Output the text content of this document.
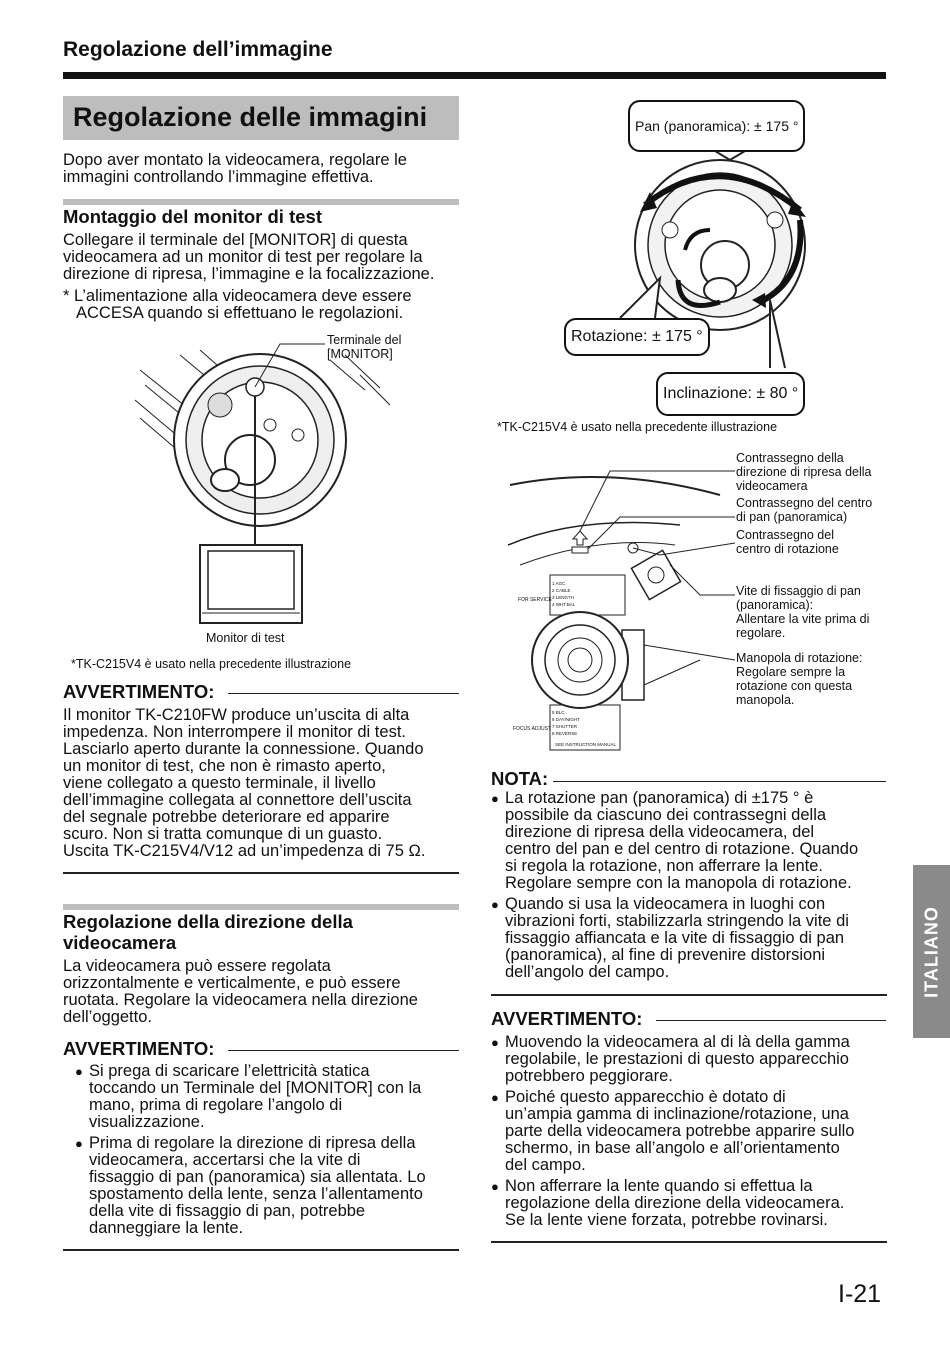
Regolazione dell’immagine
Regolazione delle immagini
Dopo aver montato la videocamera, regolare le
immagini controllando l’immagine effettiva.
Montaggio del monitor di test
Collegare il terminale del [MONITOR] di questa
videocamera ad un monitor di test per regolare la
direzione di ripresa, l’immagine e la focalizzazione.
* L’alimentazione alla videocamera deve essere
ACCESA quando si effettuano le regolazioni.
Terminale del
[MONITOR]
Monitor di test
*TK-C215V4 è usato nella precedente illustrazione
AVVERTIMENTO:
Il monitor TK-C210FW produce un’uscita di alta
impedenza. Non interrompere il monitor di test.
Lasciarlo aperto durante la connessione. Quando
un monitor di test, che non è rimasto aperto,
viene collegato a questo terminale, il livello
dell’immagine collegata al connettore dell’uscita
del segnale potrebbe deteriorare ed apparire
scuro. Non si tratta comunque di un guasto.
Uscita TK-C215V4/V12 ad un’impedenza di 75 Ω.
Regolazione della direzione della
videocamera
La videocamera può essere regolata
orizzontalmente e verticalmente, e può essere
ruotata. Regolare la videocamera nella direzione
dell’oggetto.
AVVERTIMENTO:
● Si prega di scaricare l’elettricità statica
toccando un Terminale del [MONITOR] con la
mano, prima di regolare l’angolo di
visualizzazione.
● Prima di regolare la direzione di ripresa della
videocamera, accertarsi che la vite di
fissaggio di pan (panoramica) sia allentata. Lo
spostamento della lente, senza l’allentamento
della vite di fissaggio di pan, potrebbe
danneggiare la lente.
Pan (panoramica): ± 175 °
Rotazione: ± 175 °
Inclinazione: ± 80 °
*TK-C215V4 è usato nella precedente illustrazione
FOR SERVICE
1 AGC
2 CABLE
3 LENGTH
4 WHT.BAL
5 BLC
6 DAY/NIGHT
7 SHUTTER
8 REVERSE
FOCUS ADJUST
SEE INSTRUCTION MANUAL
Contrassegno della
direzione di ripresa della
videocamera
Contrassegno del centro
di pan (panoramica)
Contrassegno del
centro di rotazione
Vite di fissaggio di pan
(panoramica):
Allentare la vite prima di
regolare.
Manopola di rotazione:
Regolare sempre la
rotazione con questa
manopola.
NOTA:
● La rotazione pan (panoramica) di ±175 ° è
possibile da ciascuno dei contrassegni della
direzione di ripresa della videocamera, del
centro del pan e del centro di rotazione. Quando
si regola la rotazione, non afferrare la lente.
Regolare sempre con la manopola di rotazione.
● Quando si usa la videocamera in luoghi con
vibrazioni forti, stabilizzarla stringendo la vite di
fissaggio affiancata e la vite di fissaggio di pan
(panoramica), al fine di prevenire distorsioni
dell’angolo del campo.
AVVERTIMENTO:
● Muovendo la videocamera al di là della gamma
regolabile, le prestazioni di questo apparecchio
potrebbero peggiorare.
● Poiché questo apparecchio è dotato di
un’ampia gamma di inclinazione/rotazione, una
parte della videocamera potrebbe apparire sullo
schermo, in base all’angolo e all’orientamento
del campo.
● Non afferrare la lente quando si effettua la
regolazione della direzione della videocamera.
Se la lente viene forzata, potrebbe rovinarsi.
ITALIANO
I-21
